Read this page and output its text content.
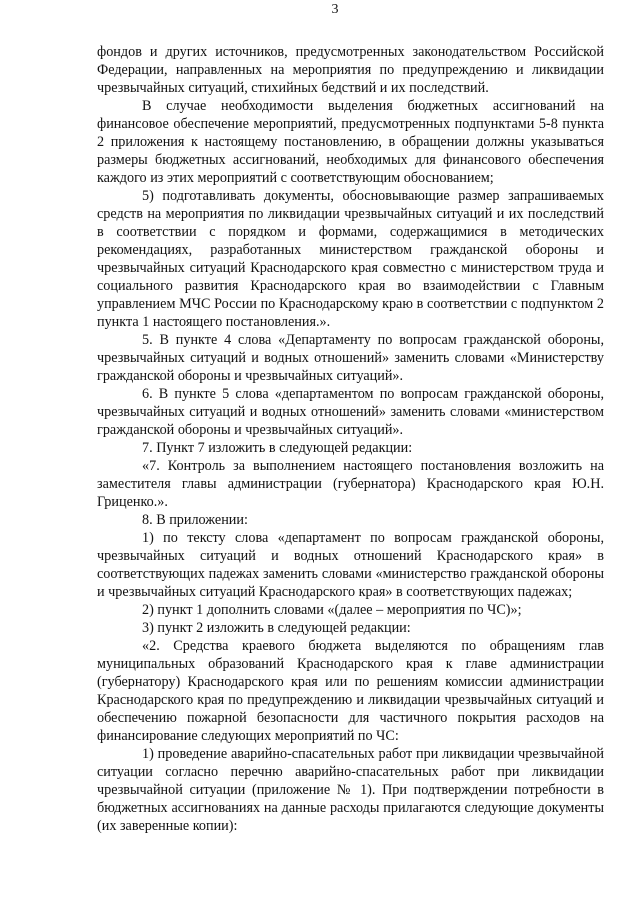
3

фондов и других источников, предусмотренных законодательством Российской Федерации, направленных на мероприятия по предупреждению и ликвидации чрезвычайных ситуаций, стихийных бедствий и их последствий.

В случае необходимости выделения бюджетных ассигнований на финансовое обеспечение мероприятий, предусмотренных подпунктами 5-8 пункта 2 приложения к настоящему постановлению, в обращении должны указываться размеры бюджетных ассигнований, необходимых для финансового обеспечения каждого из этих мероприятий с соответствующим обоснованием;

5) подготавливать документы, обосновывающие размер запрашиваемых средств на мероприятия по ликвидации чрезвычайных ситуаций и их последствий в соответствии с порядком и формами, содержащимися в методических рекомендациях, разработанных министерством гражданской обороны и чрезвычайных ситуаций Краснодарского края совместно с министерством труда и социального развития Краснодарского края во взаимодействии с Главным управлением МЧС России по Краснодарскому краю в соответствии с подпунктом 2 пункта 1 настоящего постановления.».

5. В пункте 4 слова «Департаменту по вопросам гражданской обороны, чрезвычайных ситуаций и водных отношений» заменить словами «Министерству гражданской обороны и чрезвычайных ситуаций».

6. В пункте 5 слова «департаментом по вопросам гражданской обороны, чрезвычайных ситуаций и водных отношений» заменить словами «министерством гражданской обороны и чрезвычайных ситуаций».

7. Пункт 7 изложить в следующей редакции:

«7. Контроль за выполнением настоящего постановления возложить на заместителя главы администрации (губернатора) Краснодарского края Ю.Н. Гриценко.».

8. В приложении:

1) по тексту слова «департамент по вопросам гражданской обороны, чрезвычайных ситуаций и водных отношений Краснодарского края» в соответствующих падежах заменить словами «министерство гражданской обороны и чрезвычайных ситуаций Краснодарского края» в соответствующих падежах;

2) пункт 1 дополнить словами «(далее – мероприятия по ЧС)»;

3) пункт 2 изложить в следующей редакции:

«2. Средства краевого бюджета выделяются по обращениям глав муниципальных образований Краснодарского края к главе администрации (губернатору) Краснодарского края или по решениям комиссии администрации Краснодарского края по предупреждению и ликвидации чрезвычайных ситуаций и обеспечению пожарной безопасности для частичного покрытия расходов на финансирование следующих мероприятий по ЧС:

1) проведение аварийно-спасательных работ при ликвидации чрезвычайной ситуации согласно перечню аварийно-спасательных работ при ликвидации чрезвычайной ситуации (приложение № 1). При подтверждении потребности в бюджетных ассигнованиях на данные расходы прилагаются следующие документы (их заверенные копии):
